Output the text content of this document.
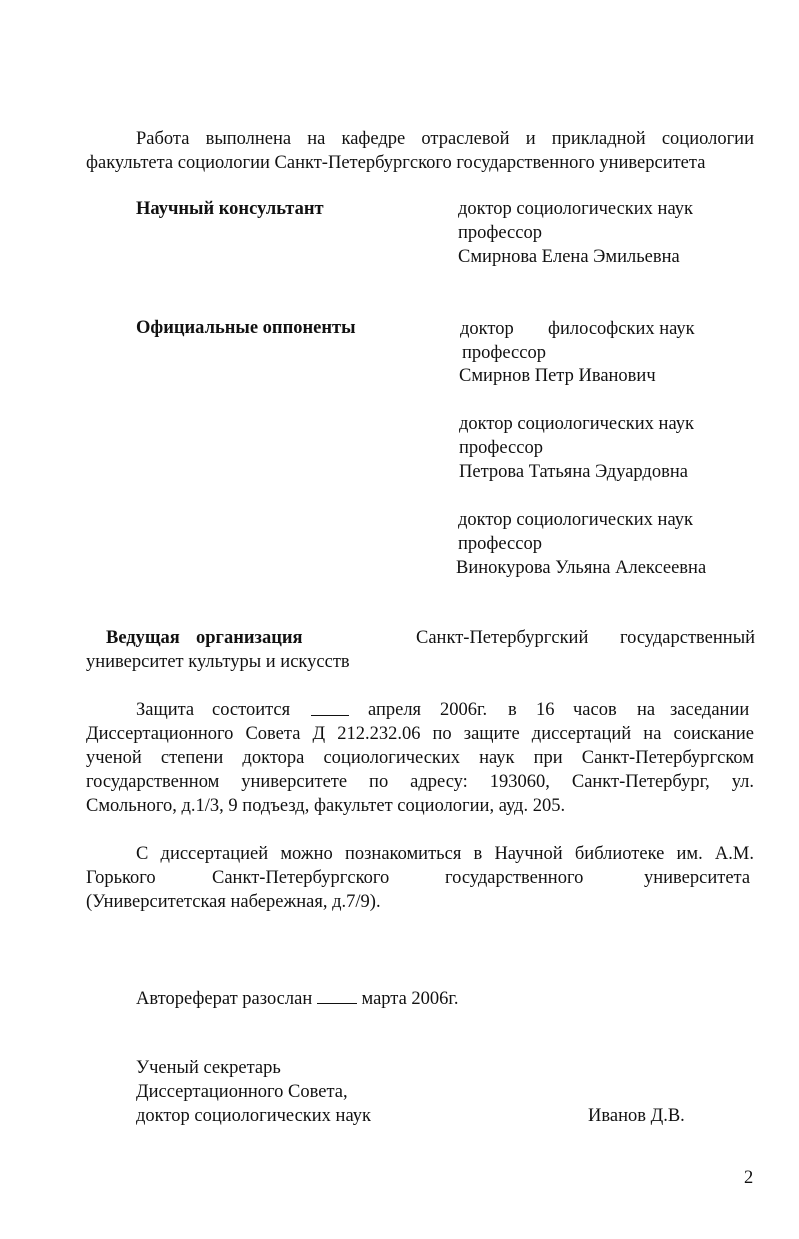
Работа выполнена на кафедре отраслевой и прикладной социологии
факультета социологии Санкт-Петербургского государственного университета
Научный консультант	доктор социологических наук
профессор
Смирнова Елена Эмильевна
Официальные оппоненты	доктор философских наук
профессор
Смирнов Петр Иванович
доктор социологических наук
профессор
Петрова Татьяна Эдуардовна
доктор социологических наук
профессор
Винокурова Ульяна Алексеевна
Ведущая организация	Санкт-Петербургский государственный
университет культуры и искусств
Защита состоится	апреля 2006г. в 16 часов на заседании
Диссертационного Совета Д 212.232.06 по защите диссертаций на соискание
ученой степени доктора социологических наук при Санкт-Петербургском
государственном университете по адресу: 193060, Санкт-Петербург, ул.
Смольного, д.1/3, 9 подъезд, факультет социологии, ауд. 205.
С диссертацией можно познакомиться в Научной библиотеке им. А.М.
Горького	Санкт-Петербургского	государственного	университета
(Университетская набережная, д.7/9).
Автореферат разослан	марта 2006г.
Ученый секретарь
Диссертационного Совета,
доктор социологических наук	Иванов Д.В.
2
